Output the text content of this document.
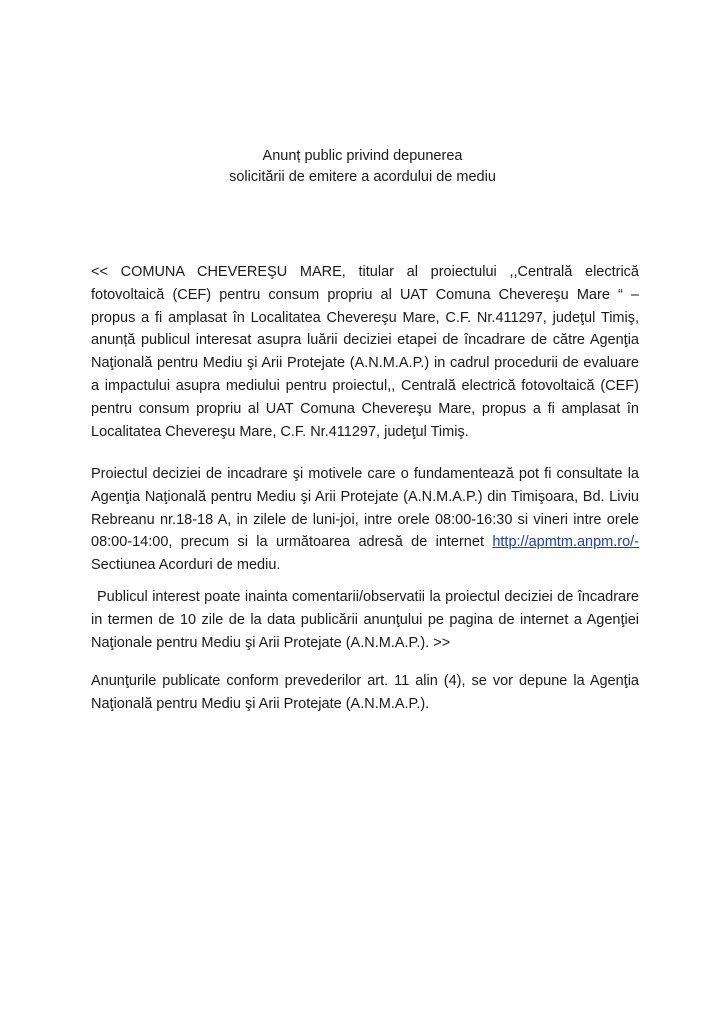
Anunț public privind depunerea
solicitării de emitere a acordului de mediu
<< COMUNA CHEVEREŞU MARE, titular al proiectului ,,Centrală electrică fotovoltaică (CEF) pentru consum propriu al UAT Comuna Chevereşu Mare “ – propus a fi amplasat în Localitatea Chevereşu Mare, C.F. Nr.411297, judeţul Timiş, anunță publicul interesat asupra luării deciziei etapei de încadrare de către Agenţia Naţională pentru Mediu şi Arii Protejate (A.N.M.A.P.) in cadrul procedurii de evaluare a impactului asupra mediului pentru proiectul,, Centrală electrică fotovoltaică (CEF) pentru consum propriu al UAT Comuna Chevereşu Mare, propus a fi amplasat în Localitatea Chevereşu Mare, C.F. Nr.411297, judeţul Timiş.
Proiectul deciziei de incadrare şi motivele care o fundamentează pot fi consultate la Agenţia Naţională pentru Mediu şi Arii Protejate (A.N.M.A.P.) din Timişoara, Bd. Liviu Rebreanu nr.18-18 A, in zilele de luni-joi, intre orele 08:00-16:30 si vineri intre orele 08:00-14:00, precum si la următoarea adresă de internet http://apmtm.anpm.ro/- Sectiunea Acorduri de mediu.
Publicul interest poate inainta comentarii/observatii la proiectul deciziei de încadrare in termen de 10 zile de la data publicării anunţului pe pagina de internet a Agenţiei Naţionale pentru Mediu şi Arii Protejate (A.N.M.A.P.). >>
Anunţurile publicate conform prevederilor art. 11 alin (4), se vor depune la Agenţia Naţională pentru Mediu şi Arii Protejate (A.N.M.A.P.).
